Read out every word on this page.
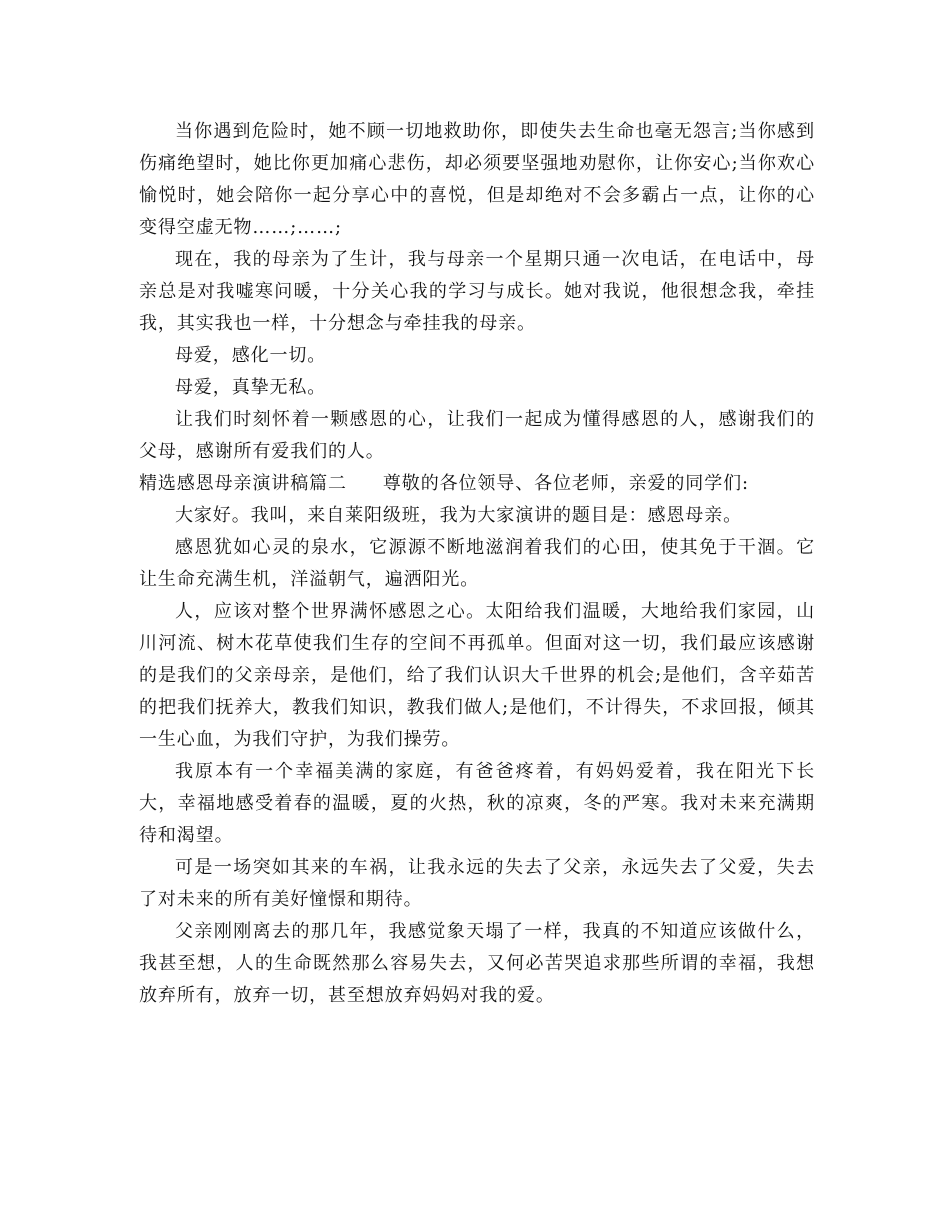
当你遇到危险时，她不顾一切地救助你，即使失去生命也毫无怨言;当你感到伤痛绝望时，她比你更加痛心悲伤，却必须要坚强地劝慰你，让你安心;当你欢心愉悦时，她会陪你一起分享心中的喜悦，但是却绝对不会多霸占一点，让你的心变得空虚无物……;……;

现在，我的母亲为了生计，我与母亲一个星期只通一次电话，在电话中，母亲总是对我嘘寒问暖，十分关心我的学习与成长。她对我说，他很想念我，牵挂我，其实我也一样，十分想念与牵挂我的母亲。

母爱，感化一切。

母爱，真挚无私。

让我们时刻怀着一颗感恩的心，让我们一起成为懂得感恩的人，感谢我们的父母，感谢所有爱我们的人。

精选感恩母亲演讲稿篇二 尊敬的各位领导、各位老师，亲爱的同学们:

大家好。我叫，来自莱阳级班，我为大家演讲的题目是：感恩母亲。

感恩犹如心灵的泉水，它源源不断地滋润着我们的心田，使其免于干涸。它让生命充满生机，洋溢朝气，遍洒阳光。

人，应该对整个世界满怀感恩之心。太阳给我们温暖，大地给我们家园，山川河流、树木花草使我们生存的空间不再孤单。但面对这一切，我们最应该感谢的是我们的父亲母亲，是他们，给了我们认识大千世界的机会;是他们，含辛茹苦的把我们抚养大，教我们知识，教我们做人;是他们，不计得失，不求回报，倾其一生心血，为我们守护，为我们操劳。

我原本有一个幸福美满的家庭，有爸爸疼着，有妈妈爱着，我在阳光下长大，幸福地感受着春的温暖，夏的火热，秋的凉爽，冬的严寒。我对未来充满期待和渴望。

可是一场突如其来的车祸，让我永远的失去了父亲，永远失去了父爱，失去了对未来的所有美好憧憬和期待。

父亲刚刚离去的那几年，我感觉象天塌了一样，我真的不知道应该做什么，我甚至想，人的生命既然那么容易失去，又何必苦哭追求那些所谓的幸福，我想放弃所有，放弃一切，甚至想放弃妈妈对我的爱。
